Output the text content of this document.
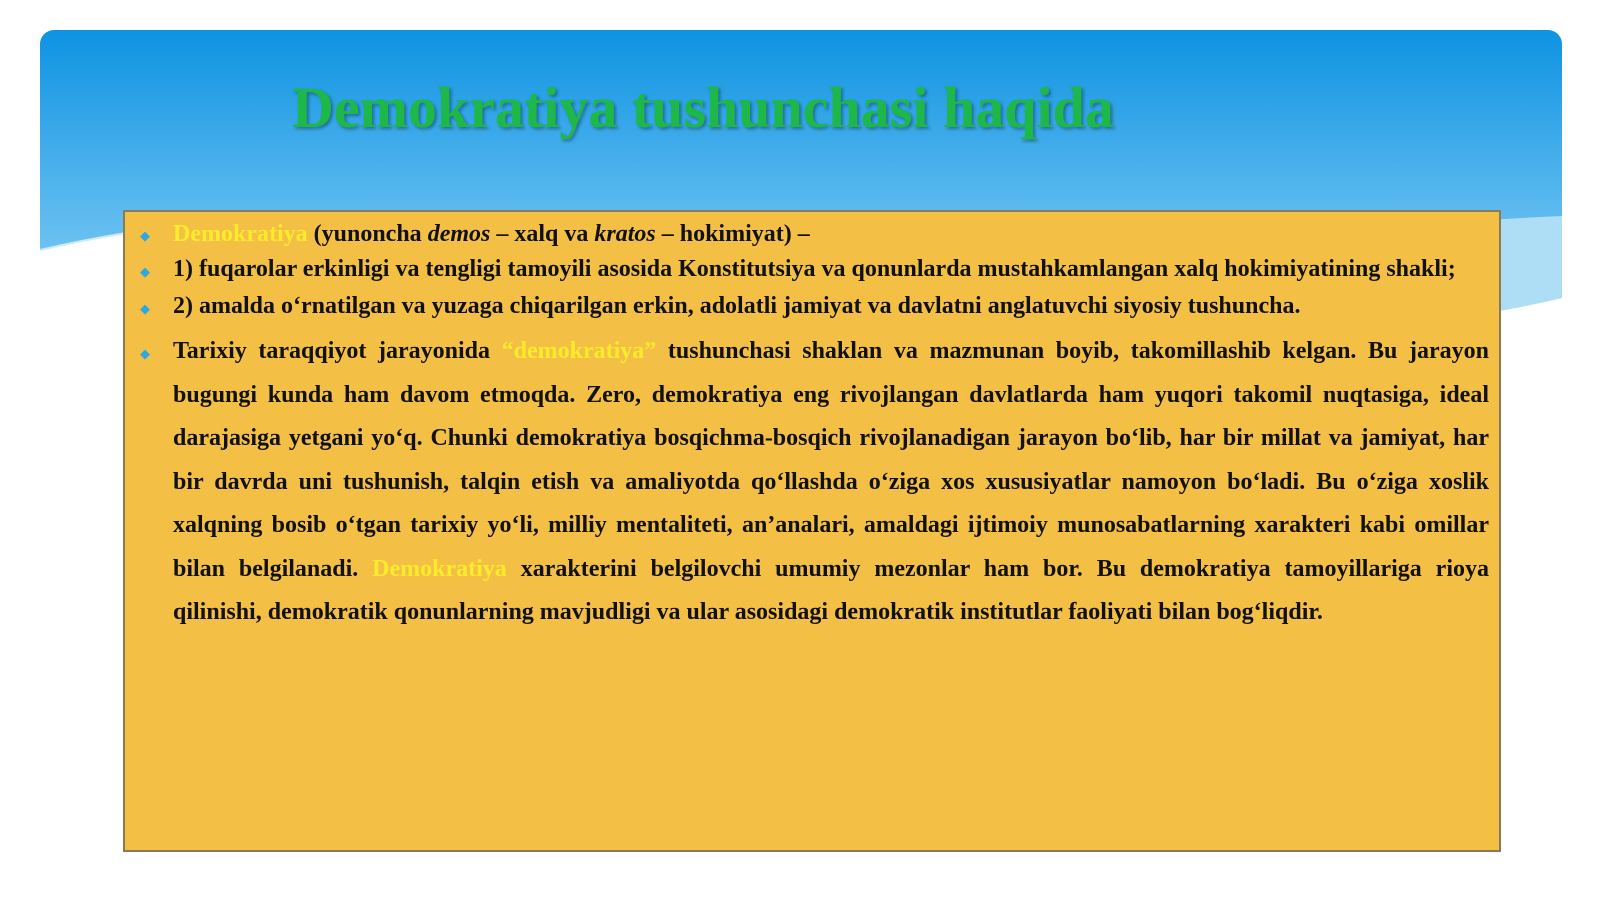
Demokratiya tushunchasi haqida

◆ Demokratiya (yunoncha demos – xalq va kratos – hokimiyat) –

◆ 1) fuqarolar erkinligi va tengligi tamoyili asosida Konstitutsiya va qonunlarda mustahkamlangan xalq hokimiyatining shakli;

◆ 2) amalda o‘rnatilgan va yuzaga chiqarilgan erkin, adolatli jamiyat va davlatni anglatuvchi siyosiy tushuncha.

◆ Tarixiy taraqqiyot jarayonida “demokratiya” tushunchasi shaklan va mazmunan boyib, takomillashib kelgan. Bu jarayon bugungi kunda ham davom etmoqda. Zero, demokratiya eng rivojlangan davlatlarda ham yuqori takomil nuqtasiga, ideal darajasiga yetgani yo‘q. Chunki demokratiya bosqichma-bosqich rivojlanadigan jarayon bo‘lib, har bir millat va jamiyat, har bir davrda uni tushunish, talqin etish va amaliyotda qo‘llashda o‘ziga xos xususiyatlar namoyon bo‘ladi. Bu o‘ziga xoslik xalqning bosib o‘tgan tarixiy yo‘li, milliy mentaliteti, an’analari, amaldagi ijtimoiy munosabatlarning xarakteri kabi omillar bilan belgilanadi. Demokratiya xarakterini belgilovchi umumiy mezonlar ham bor. Bu demokratiya tamoyillariga rioya qilinishi, demokratik qonunlarning mavjudligi va ular asosidagi demokratik institutlar faoliyati bilan bog‘liqdir.
